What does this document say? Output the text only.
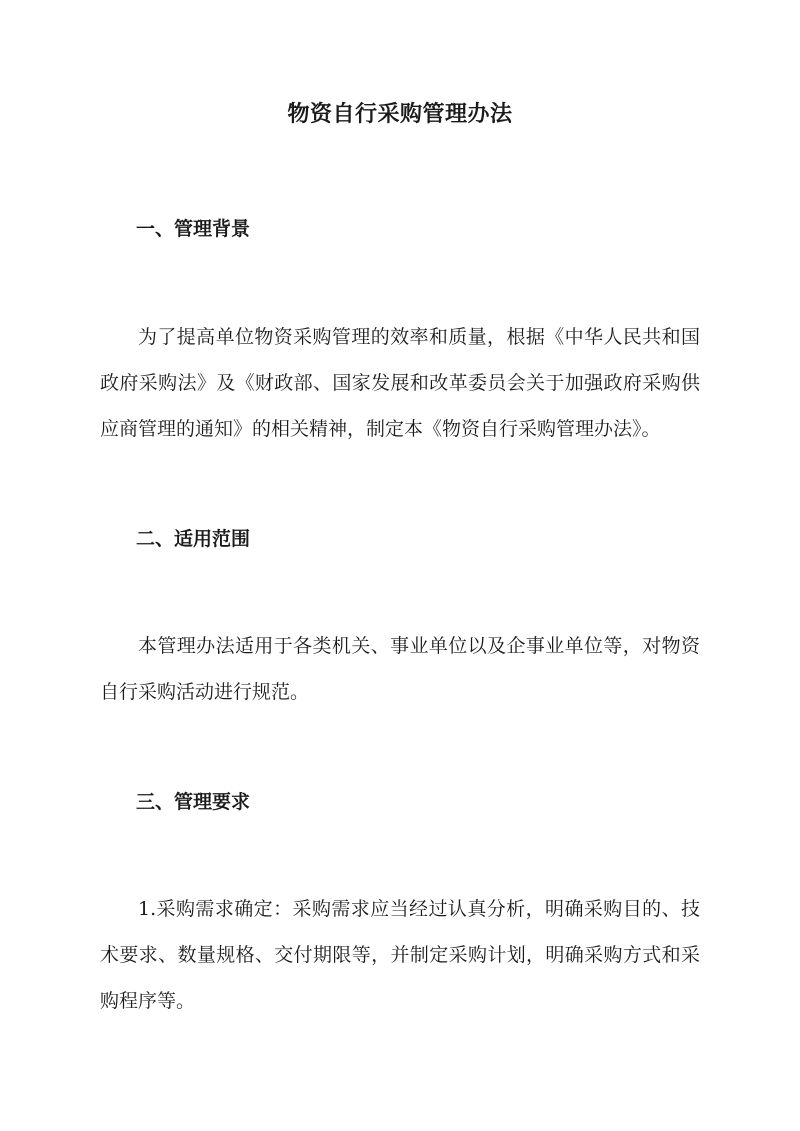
物资自行采购管理办法
一、管理背景

为了提高单位物资采购管理的效率和质量，根据《中华人民共和国政府采购法》及《财政部、国家发展和改革委员会关于加强政府采购供应商管理的通知》的相关精神，制定本《物资自行采购管理办法》。

二、适用范围

本管理办法适用于各类机关、事业单位以及企事业单位等，对物资自行采购活动进行规范。

三、管理要求

1.采购需求确定：采购需求应当经过认真分析，明确采购目的、技术要求、数量规格、交付期限等，并制定采购计划，明确采购方式和采购程序等。
